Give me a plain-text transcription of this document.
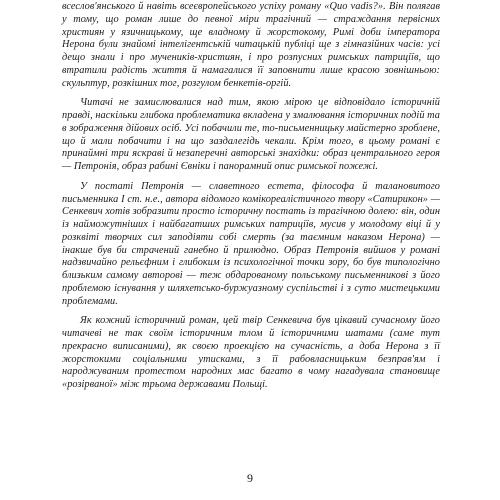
всеслов'янського й навіть всеєвропейського успіху роману «Quo vadis?». Він полягав у тому, що роман лише до певної міри трагічний — страждання первісних християн у язичницькому, ще владному й жорстокому, Римі доби імператора Нерона були знайомі інтелігентській читацькій публіці ще з гімназійних часів: усі дещо знали і про мучеників-християн, і про розпусних римських патриціїв, що втратили радість життя й намагалися її заповнити лише красою зовнішньою: скульптур, розкішних тог, розгулом бенкетів-оргій.

Читачі не замислювалися над тим, якою мірою це відповідало історичній правді, наскільки глибока проблематика вкладена у змалювання історичних подій та в зображення дійових осіб. Усі побачили те, то-письменницьку майстерно зроблене, що й мали побачити і на що заздалегідь чекали. Крім того, в цьому романі є принаймні три яскраві й незаперечні авторські знахідки: образ центрального героя — Петронія, образ рабині Євніки і панорамний опис римської пожежі.

У постаті Петронія — славетного естета, філософа й талановитого письменника І ст. н.е., автора відомого комікореалістичного твору «Сатирикон» — Сенкевич хотів зобразити просто історичну постать із трагічною долею: він, один із найможутніших і найбагатших римських патриціїв, мусив у молодому віці й у розквіті творчих сил заподіяти собі смерть (за таємним наказом Нерона) — інакше був би страчений ганебно й прилюдно. Образ Петронія вийшов у романі надзвичайно рельєфним і глибоким із психологічної точки зору, бо був типологічно близьким самому авторові — теж обдарованому польському письменникові з його проблемою існування у шляхетсько-буржуазному суспільстві і з суто мистецькими проблемами.

Як кожний історичний роман, цей твір Сенкевича був цікавий сучасному його читачеві не так своїм історичним тлом й історичними шатами (саме тут прекрасно виписаними), як своєю проекцією на сучасність, а доба Нерона з її жорстокими соціальними утисками, з її рабовласницьким безправ'ям і народжуваним протестом народних мас багато в чому нагадувала становище «розірваної» між трьома державами Польщі.

9
